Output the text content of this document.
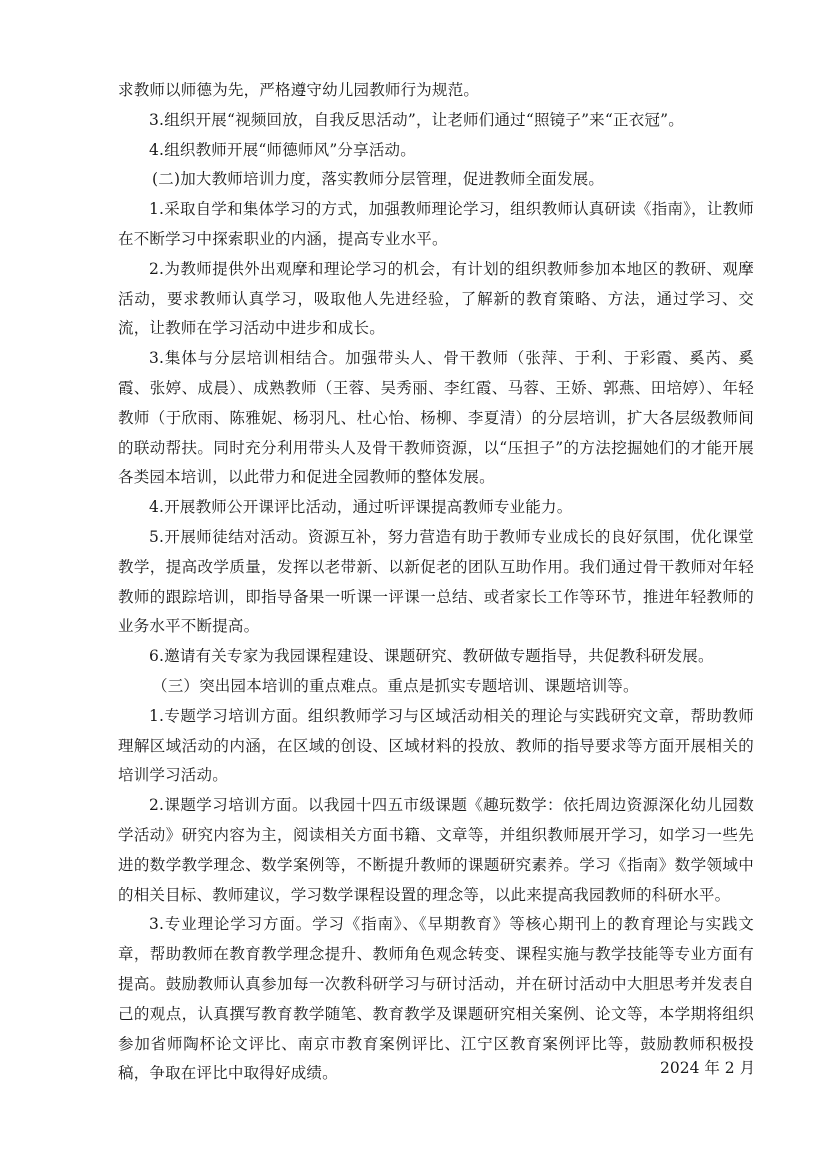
求教师以师德为先，严格遵守幼儿园教师行为规范。

3.组织开展“视频回放，自我反思活动”，让老师们通过“照镜子”来“正衣冠”。

4.组织教师开展“师德师风”分享活动。

(二)加大教师培训力度，落实教师分层管理，促进教师全面发展。

1.采取自学和集体学习的方式，加强教师理论学习，组织教师认真研读《指南》，让教师在不断学习中探索职业的内涵，提高专业水平。

2.为教师提供外出观摩和理论学习的机会，有计划的组织教师参加本地区的教研、观摩活动，要求教师认真学习，吸取他人先进经验，了解新的教育策略、方法，通过学习、交流，让教师在学习活动中进步和成长。

3.集体与分层培训相结合。加强带头人、骨干教师（张萍、于利、于彩霞、奚芮、奚霞、张婷、成晨）、成熟教师（王蓉、吴秀丽、李红霞、马蓉、王娇、郭燕、田培婷）、年轻教师（于欣雨、陈雅妮、杨羽凡、杜心怡、杨柳、李夏清）的分层培训，扩大各层级教师间的联动帮扶。同时充分利用带头人及骨干教师资源，以“压担子”的方法挖掘她们的才能开展各类园本培训，以此带力和促进全园教师的整体发展。

4.开展教师公开课评比活动，通过听评课提高教师专业能力。

5.开展师徒结对活动。资源互补，努力营造有助于教师专业成长的良好氛围，优化课堂教学，提高改学质量，发挥以老带新、以新促老的团队互助作用。我们通过骨干教师对年轻教师的跟踪培训，即指导备果一听课一评课一总结、或者家长工作等环节，推进年轻教师的业务水平不断提高。

6.邀请有关专家为我园课程建设、课题研究、教研做专题指导，共促教科研发展。

（三）突出园本培训的重点难点。重点是抓实专题培训、课题培训等。

1.专题学习培训方面。组织教师学习与区域活动相关的理论与实践研究文章，帮助教师理解区域活动的内涵，在区域的创设、区域材料的投放、教师的指导要求等方面开展相关的培训学习活动。

2.课题学习培训方面。以我园十四五市级课题《趣玩数学：依托周边资源深化幼儿园数学活动》研究内容为主，阅读相关方面书籍、文章等，并组织教师展开学习，如学习一些先进的数学教学理念、数学案例等，不断提升教师的课题研究素养。学习《指南》数学领域中的相关目标、教师建议，学习数学课程设置的理念等，以此来提高我园教师的科研水平。

3.专业理论学习方面。学习《指南》、《早期教育》等核心期刊上的教育理论与实践文章，帮助教师在教育教学理念提升、教师角色观念转变、课程实施与教学技能等专业方面有提高。鼓励教师认真参加每一次教科研学习与研讨活动，并在研讨活动中大胆思考并发表自己的观点，认真撰写教育教学随笔、教育教学及课题研究相关案例、论文等，本学期将组织参加省师陶杯论文评比、南京市教育案例评比、江宁区教育案例评比等，鼓励教师积极投稿，争取在评比中取得好成绩。	2024 年 2 月
